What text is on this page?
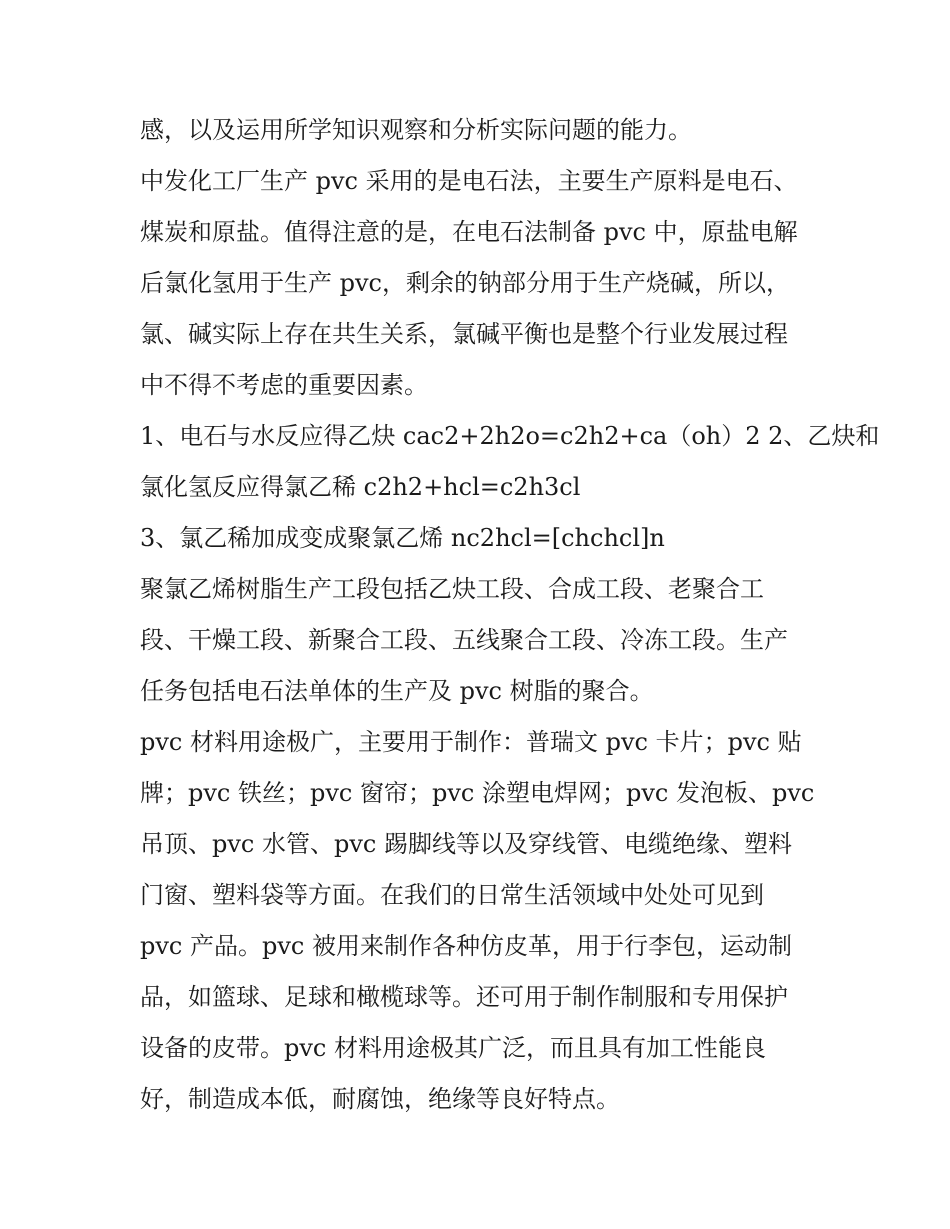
感，以及运用所学知识观察和分析实际问题的能力。
中发化工厂生产 pvc 采用的是电石法，主要生产原料是电石、
煤炭和原盐。值得注意的是，在电石法制备 pvc 中，原盐电解
后氯化氢用于生产 pvc，剩余的钠部分用于生产烧碱，所以，
氯、碱实际上存在共生关系，氯碱平衡也是整个行业发展过程
中不得不考虑的重要因素。
1、电石与水反应得乙炔 cac2+2h2o=c2h2+ca（oh）2 2、乙炔和
氯化氢反应得氯乙稀 c2h2+hcl=c2h3cl
3、氯乙稀加成变成聚氯乙烯 nc2hcl=[chchcl]n
聚氯乙烯树脂生产工段包括乙炔工段、合成工段、老聚合工
段、干燥工段、新聚合工段、五线聚合工段、冷冻工段。生产
任务包括电石法单体的生产及 pvc 树脂的聚合。
pvc 材料用途极广，主要用于制作：普瑞文 pvc 卡片；pvc 贴
牌；pvc 铁丝；pvc 窗帘；pvc 涂塑电焊网；pvc 发泡板、pvc
吊顶、pvc 水管、pvc 踢脚线等以及穿线管、电缆绝缘、塑料
门窗、塑料袋等方面。在我们的日常生活领域中处处可见到
pvc 产品。pvc 被用来制作各种仿皮革，用于行李包，运动制
品，如篮球、足球和橄榄球等。还可用于制作制服和专用保护
设备的皮带。pvc 材料用途极其广泛，而且具有加工性能良
好，制造成本低，耐腐蚀，绝缘等良好特点。
